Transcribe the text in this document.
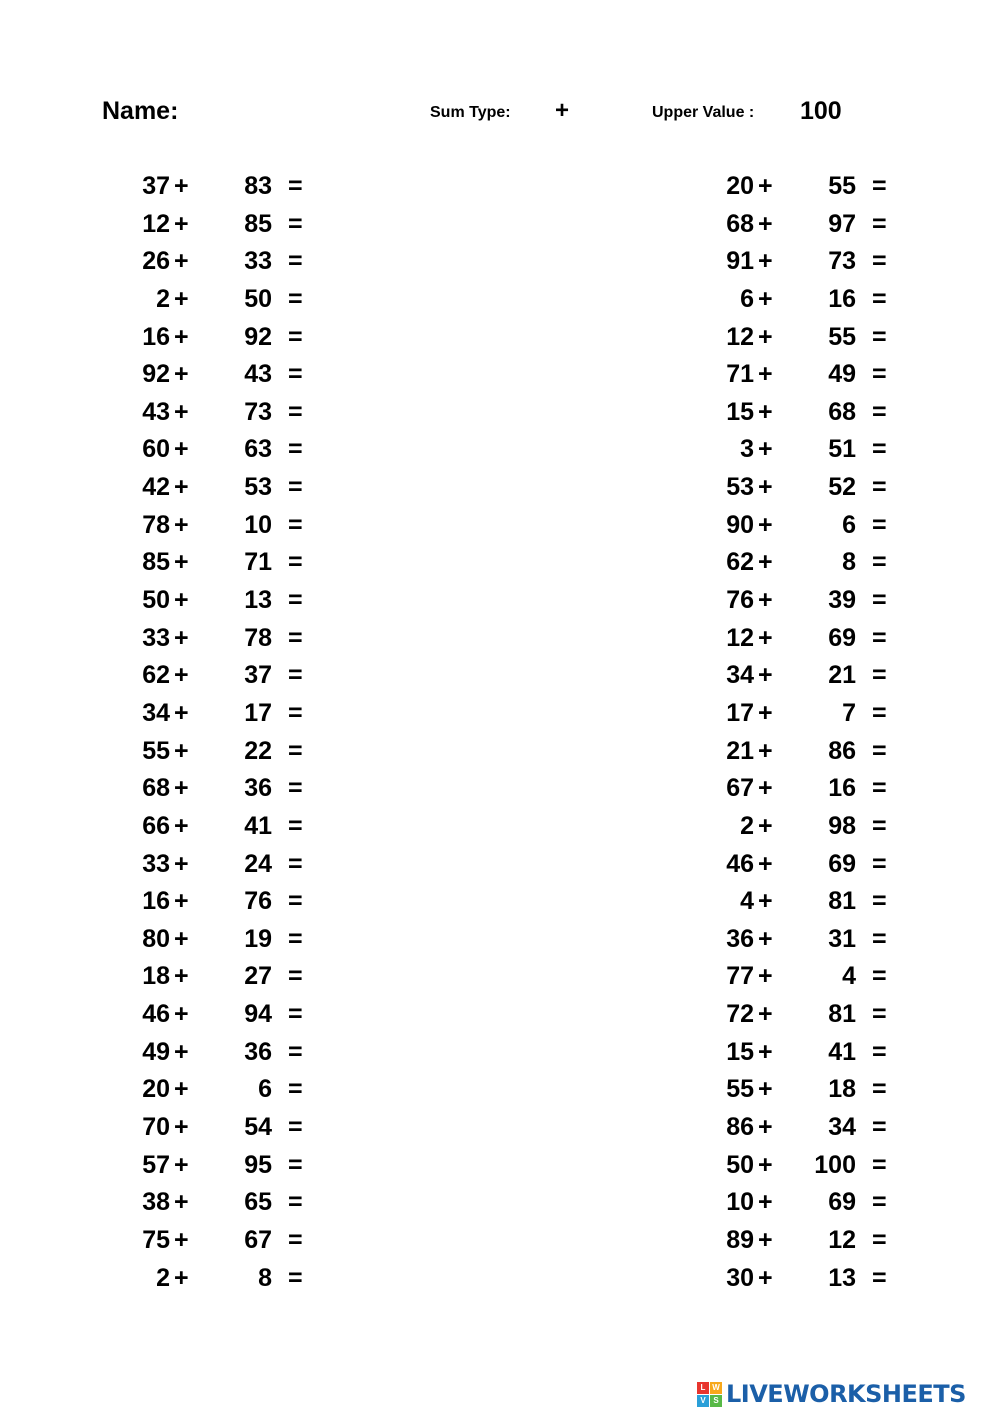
Name:	Sum Type: +	Upper Value : 100
37 +	83 =
12 +	85 =
26 +	33 =
2 +	50 =
16 +	92 =
92 +	43 =
43 +	73 =
60 +	63 =
42 +	53 =
78 +	10 =
85 +	71 =
50 +	13 =
33 +	78 =
62 +	37 =
34 +	17 =
55 +	22 =
68 +	36 =
66 +	41 =
33 +	24 =
16 +	76 =
80 +	19 =
18 +	27 =
46 +	94 =
49 +	36 =
20 +	6 =
70 +	54 =
57 +	95 =
38 +	65 =
75 +	67 =
2 +	8 =
20 +	55 =
68 +	97 =
91 +	73 =
6 +	16 =
12 +	55 =
71 +	49 =
15 +	68 =
3 +	51 =
53 +	52 =
90 +	6 =
62 +	8 =
76 +	39 =
12 +	69 =
34 +	21 =
17 +	7 =
21 +	86 =
67 +	16 =
2 +	98 =
46 +	69 =
4 +	81 =
36 +	31 =
77 +	4 =
72 +	81 =
15 +	41 =
55 +	18 =
86 +	34 =
50 +	100 =
10 +	69 =
89 +	12 =
30 +	13 =
L W
V S LIVEWORKSHEETS
